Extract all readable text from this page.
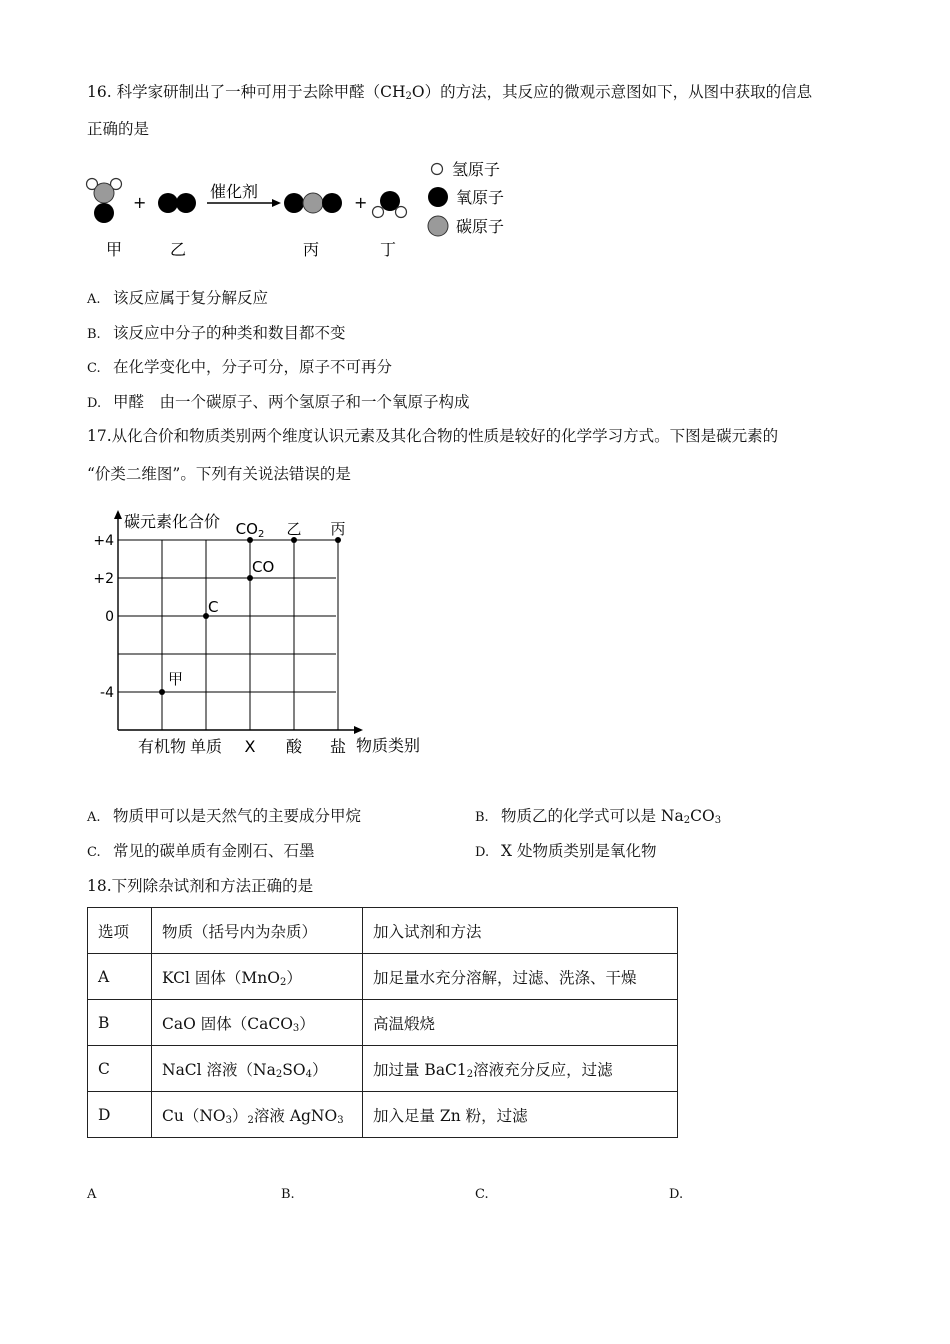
16. 科学家研制出了一种可用于去除甲醛$(CH_2O)$的方法，其反应的微观示意图如下，从图中获取的信息
正确的是
+
催化剂
+
甲	乙	丙	丁
氢原子
氧原子
碳原子
A. 该反应属于复分解反应
B. 该反应中分子的种类和数目都不变
C. 在化学变化中，分子可分，原子不可再分
D. 甲醛　由一个碳原子、两个氢原子和一个氧原子构成
17.从化合价和物质类别两个维度认识元素及其化合物的性质是较好的化学学习方式。下图是碳元素的
“价类二维图”。下列有关说法错误的是
+4
+2
0
-4
有机物 单质 X 酸 盐
甲
C
CO
$CO_2$ 乙 丙
碳元素化合价
物质类别
A. 物质甲可以是天然气的主要成分甲烷	B. 物质乙的化学式可以是 $Na_2CO_3$
C. 常见的碳单质有金刚石、石墨	D. X 处物质类别是氧化物
18.下列除杂试剂和方法正确的是
选项	物质（括号内为杂质）	加入试剂和方法
A	KCl 固体（MnO$_2$）	加足量水充分溶解，过滤、洗涤、干燥
B	CaO 固体（CaCO$_3$）	高温煅烧
C	NaCl 溶液$(Na_2SO_4)$	加过量 $BaC1_2$溶液充分反应，过滤
D	$Cu(NO_3)_2$溶液 AgNO$_3$	加入足量 Zn 粉，过滤
A	B.	C.	D.
